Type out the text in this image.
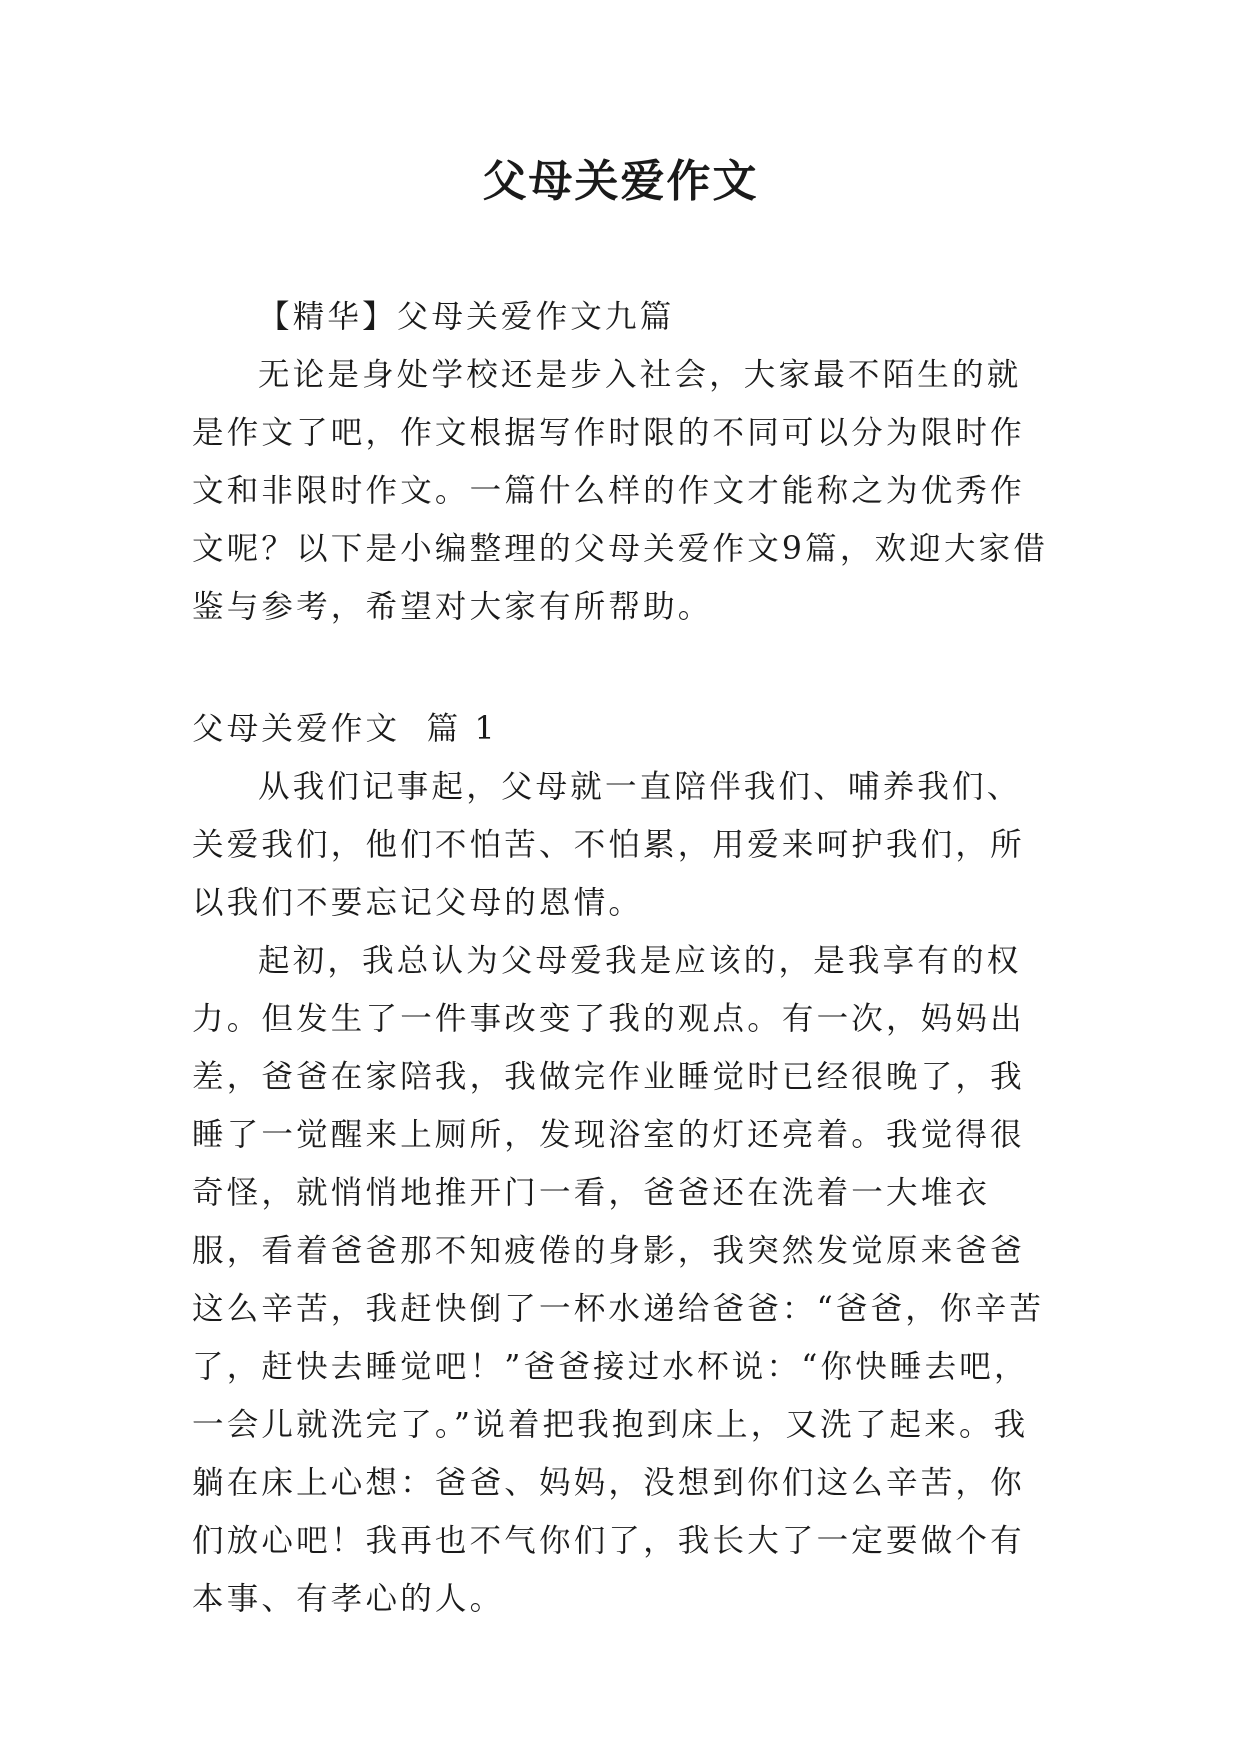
父母关爱作文
【精华】父母关爱作文九篇

无论是身处学校还是步入社会，大家最不陌生的就是作文了吧，作文根据写作时限的不同可以分为限时作文和非限时作文。一篇什么样的作文才能称之为优秀作文呢？以下是小编整理的父母关爱作文9篇，欢迎大家借鉴与参考，希望对大家有所帮助。

父母关爱作文  篇 1

从我们记事起，父母就一直陪伴我们、哺养我们、关爱我们，他们不怕苦、不怕累，用爱来呵护我们，所以我们不要忘记父母的恩情。

起初，我总认为父母爱我是应该的，是我享有的权力。但发生了一件事改变了我的观点。有一次，妈妈出差，爸爸在家陪我，我做完作业睡觉时已经很晚了，我睡了一觉醒来上厕所，发现浴室的灯还亮着。我觉得很奇怪，就悄悄地推开门一看，爸爸还在洗着一大堆衣服，看着爸爸那不知疲倦的身影，我突然发觉原来爸爸这么辛苦，我赶快倒了一杯水递给爸爸：“爸爸，你辛苦了，赶快去睡觉吧！”爸爸接过水杯说：“你快睡去吧，一会儿就洗完了。”说着把我抱到床上，又洗了起来。我躺在床上心想：爸爸、妈妈，没想到你们这么辛苦，你们放心吧！我再也不气你们了，我长大了一定要做个有本事、有孝心的人。
